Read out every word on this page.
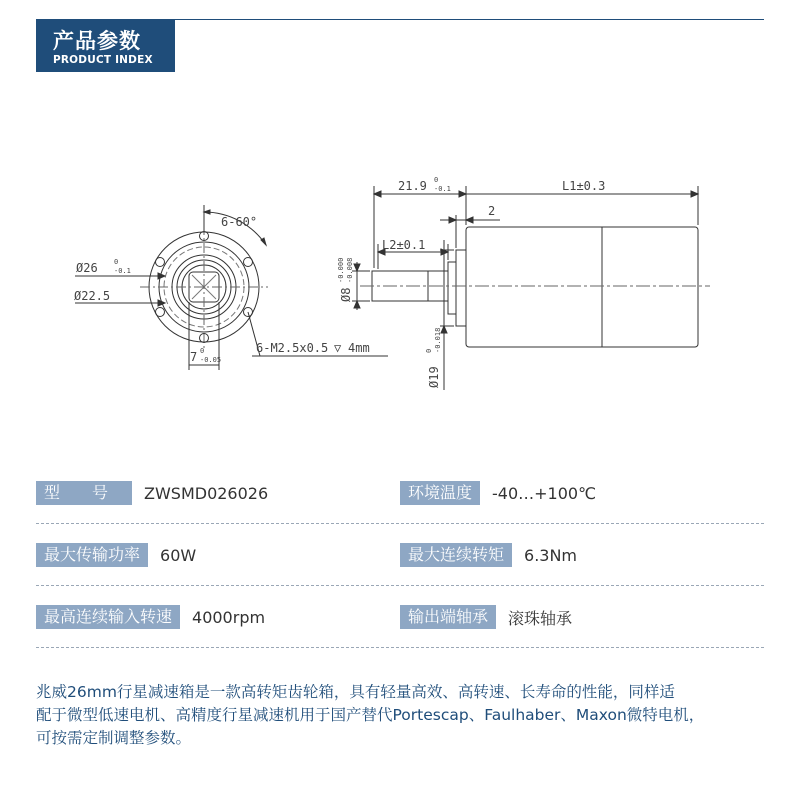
产品参数
PRODUCT INDEX
6-60°
Ø26 0
-0.1
Ø22.5
7 0
-0.05
6-M2.5x0.5 ▽ 4mm
21.9 0
-0.1	L1±0.3
2
L2±0.1
Ø8
-0.000 -0.008
Ø19
0 -0.018
型　　号	ZWSMD026026	环境温度	-40…+100℃
最大传输功率	60W	最大连续转矩	6.3Nm
最高连续输入转速	4000rpm	输出端轴承	滚珠轴承
兆威26mm行星减速箱是一款高转矩齿轮箱，具有轻量高效、高转速、长寿命的性能，同样适
配于微型低速电机、高精度行星减速机用于国产替代Portescap、Faulhaber、Maxon微特电机，
可按需定制调整参数。
